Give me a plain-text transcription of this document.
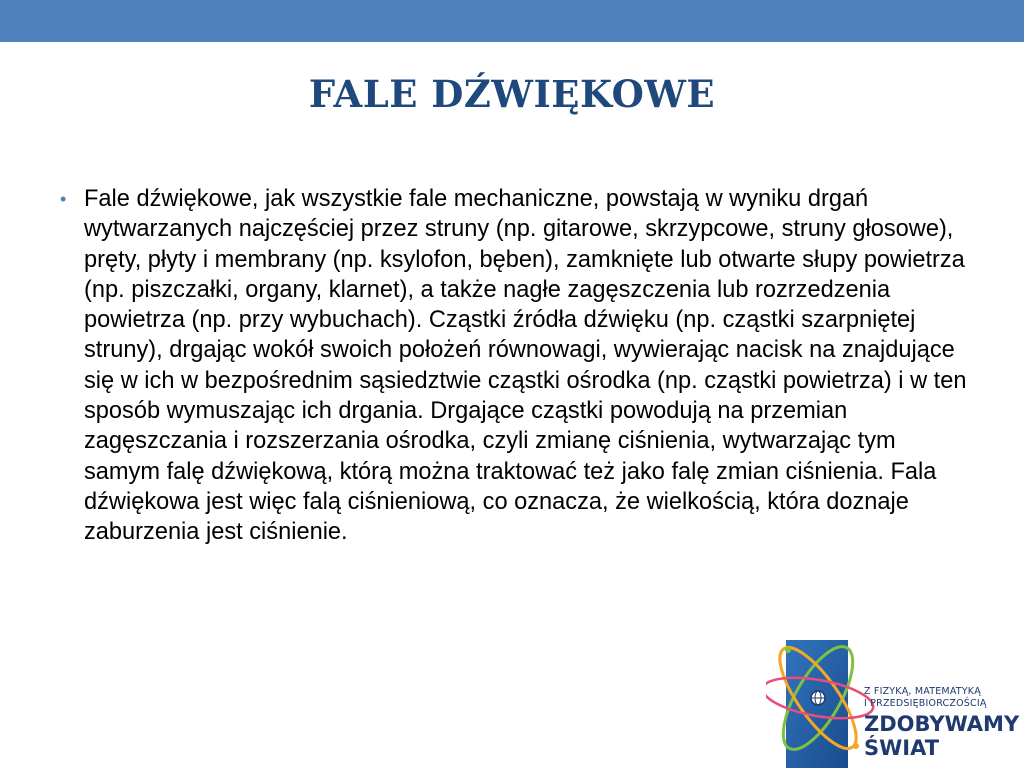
FALE DŹWIĘKOWE
• Fale dźwiękowe, jak wszystkie fale mechaniczne, powstają w wyniku drgań wytwarzanych najczęściej przez struny (np. gitarowe, skrzypcowe, struny głosowe), pręty, płyty i membrany (np. ksylofon, bęben), zamknięte lub otwarte słupy powietrza (np. piszczałki, organy, klarnet), a także nagłe zagęszczenia lub rozrzedzenia powietrza (np. przy wybuchach). Cząstki źródła dźwięku (np. cząstki szarpniętej struny), drgając wokół swoich położeń równowagi, wywierając nacisk na znajdujące się w ich w bezpośrednim sąsiedztwie cząstki ośrodka (np. cząstki powietrza) i w ten sposób wymuszając ich drgania. Drgające cząstki powodują na przemian zagęszczania i rozszerzania ośrodka, czyli zmianę ciśnienia, wytwarzając tym samym falę dźwiękową, którą można traktować też jako falę zmian ciśnienia. Fala dźwiękowa jest więc falą ciśnieniową, co oznacza, że wielkością, która doznaje zaburzenia jest ciśnienie.
Z FIZYKĄ, MATEMATYKĄ
I PRZEDSIĘBIORCZOŚCIĄ
ZDOBYWAMY
ŚWIAT
